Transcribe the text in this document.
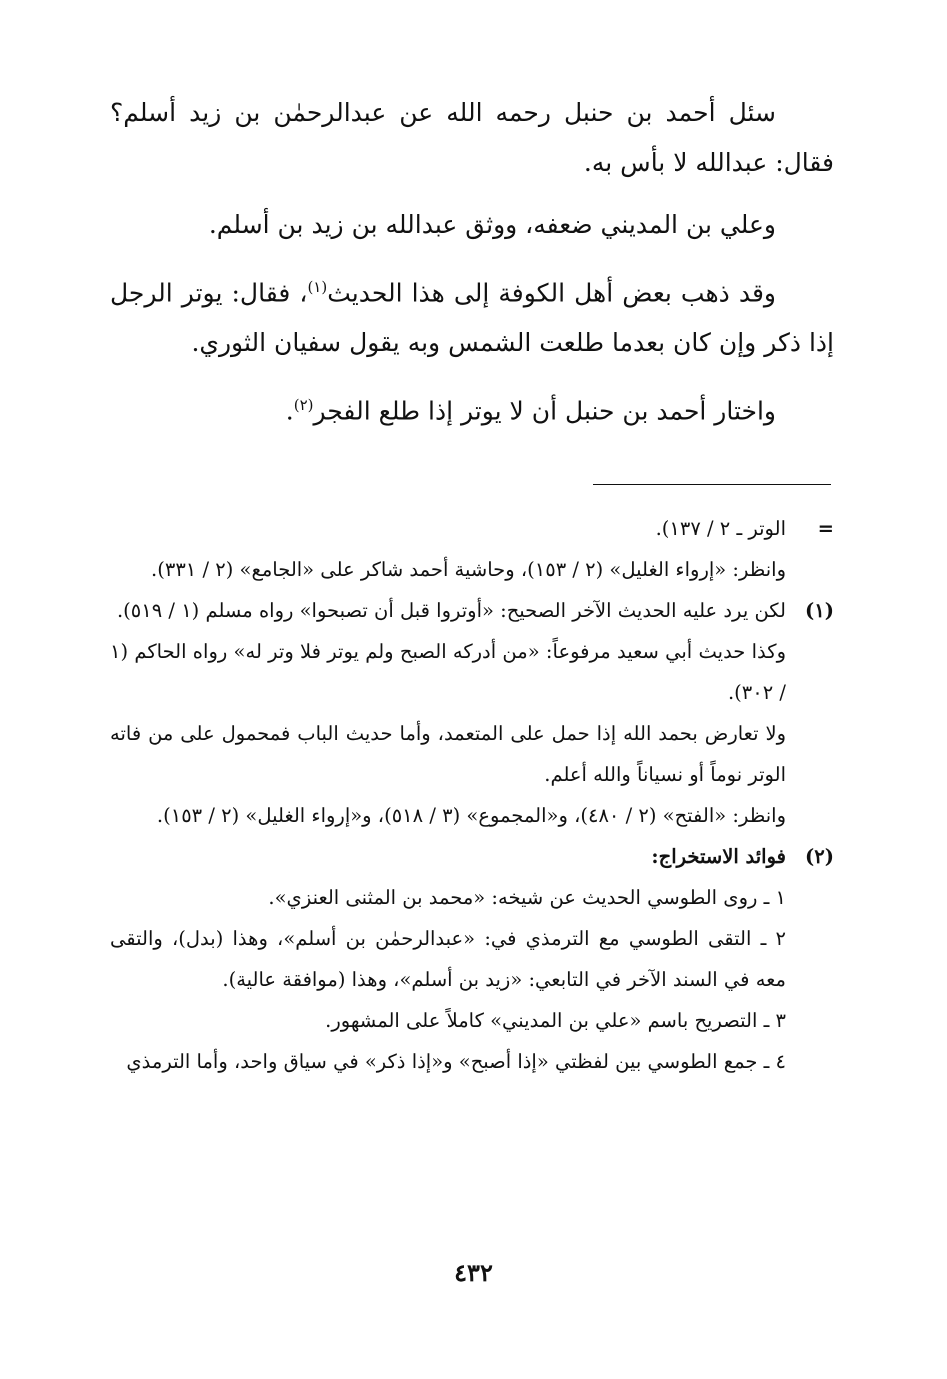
سئل أحمد بن حنبل رحمه الله عن عبدالرحمٰن بن زيد أسلم؟ فقال: عبدالله لا بأس به.

وعلي بن المديني ضعفه، ووثق عبدالله بن زيد بن أسلم.

وقد ذهب بعض أهل الكوفة إلى هذا الحديث$^{(١)}$، فقال: يوتر الرجل إذا ذكر وإن كان بعدما طلعت الشمس وبه يقول سفيان الثوري.

واختار أحمد بن حنبل أن لا يوتر إذا طلع الفجر$^{(٢)}$.

=
الوتر ـ ٢ / ١٣٧).

وانظر: «إرواء الغليل» (٢ / ١٥٣)، وحاشية أحمد شاكر على «الجامع» (٢ / ٣٣١).

(١)
لكن يرد عليه الحديث الآخر الصحيح: «أوتروا قبل أن تصبحوا» رواه مسلم (١ / ٥١٩).

وكذا حديث أبي سعيد مرفوعاً: «من أدركه الصبح ولم يوتر فلا وتر له» رواه الحاكم (١ / ٣٠٢).

ولا تعارض بحمد الله إذا حمل على المتعمد، وأما حديث الباب فمحمول على من فاته الوتر نوماً أو نسياناً والله أعلم.

وانظر: «الفتح» (٢ / ٤٨٠)، و«المجموع» (٣ / ٥١٨)، و«إرواء الغليل» (٢ / ١٥٣).

(٢)
فوائد الاستخراج:

١ ـ روى الطوسي الحديث عن شيخه: «محمد بن المثنى العنزي».

٢ ـ التقى الطوسي مع الترمذي في: «عبدالرحمٰن بن أسلم»، وهذا (بدل)، والتقى معه في السند الآخر في التابعي: «زيد بن أسلم»، وهذا (موافقة عالية).

٣ ـ التصريح باسم «علي بن المديني» كاملاً على المشهور.

٤ ـ جمع الطوسي بين لفظتي «إذا أصبح» و«إذا ذكر» في سياق واحد، وأما الترمذي

٤٣٢
